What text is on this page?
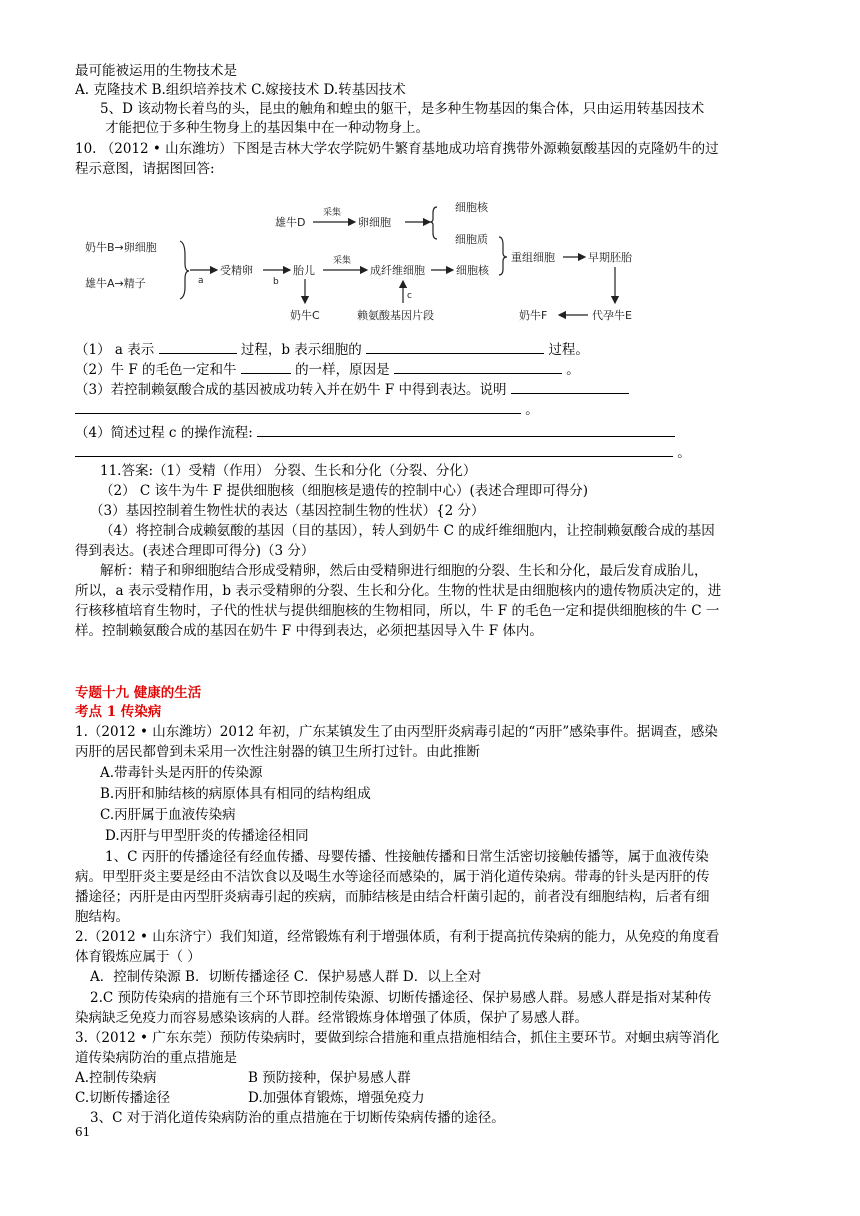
最可能被运用的生物技术是
A. 克隆技术 B.组织培养技术 C.嫁接技术 D.转基因技术
5、D 该动物长着鸟的头，昆虫的触角和蝗虫的躯干，是多种生物基因的集合体，只由运用转基因技术
才能把位于多种生物身上的基因集中在一种动物身上。
10. （2012 • 山东潍坊）下图是吉林大学农学院奶牛繁育基地成功培育携带外源赖氨酸基因的克隆奶牛的过
程示意图，请据图回答:
奶牛B→卵细胞
雄牛A→精子	a
受精卵
b
胎儿
奶牛C
采集
成纤维细胞	细胞核
c
赖氨酸基因片段
雄牛D
采集
卵细胞
细胞核
细胞质
重组细胞	早期胚胎
代孕牛E
奶牛F
（1） a 表示	过程，b 表示细胞的	过程。
（2）牛 F 的毛色一定和牛	的一样，原因是	。
（3）若控制赖氨酸合成的基因被成功转入并在奶牛 F 中得到表达。说明
。
（4）简述过程 c 的操作流程:
。
11.答案:（1）受精（作用） 分裂、生长和分化（分裂、分化）
（2） C 该牛为牛 F 提供细胞核（细胞核是遗传的控制中心）(表述合理即可得分)
（3）基因控制着生物性状的表达（基因控制生物的性状）{2 分）
（4）将控制合成赖氨酸的基因（目的基因），转人到奶牛 C 的成纤维细胞内，让控制赖氨酸合成的基因
得到表达。(表述合理即可得分)（3 分）
解析：精子和卵细胞结合形成受精卵，然后由受精卵进行细胞的分裂、生长和分化，最后发育成胎儿，
所以，a 表示受精作用，b 表示受精卵的分裂、生长和分化。生物的性状是由细胞核内的遗传物质决定的，进
行核移植培育生物时，子代的性状与提供细胞核的生物相同，所以，牛 F 的毛色一定和提供细胞核的牛 C 一
样。控制赖氨酸合成的基因在奶牛 F 中得到表达，必须把基因导入牛 F 体内。
专题十九 健康的生活
考点 1 传染病
1.（2012 • 山东潍坊）2012 年初，广东某镇发生了由丙型肝炎病毒引起的“丙肝”感染事件。据调查，感染
丙肝的居民都曾到未采用一次性注射器的镇卫生所打过针。由此推断
A.带毒针头是丙肝的传染源
B.丙肝和肺结核的病原体具有相同的结构组成
C.丙肝属于血液传染病
D.丙肝与甲型肝炎的传播途径相同
1、C 丙肝的传播途径有经血传播、母婴传播、性接触传播和日常生活密切接触传播等，属于血液传染
病。甲型肝炎主要是经由不洁饮食以及喝生水等途径而感染的，属于消化道传染病。带毒的针头是丙肝的传
播途径；丙肝是由丙型肝炎病毒引起的疾病，而肺结核是由结合杆菌引起的，前者没有细胞结构，后者有细
胞结构。
2.（2012 • 山东济宁）我们知道，经常锻炼有利于增强体质，有利于提高抗传染病的能力，从免疫的角度看
体育锻炼应属于（ ）
A．控制传染源 B．切断传播途径 C．保护易感人群 D．以上全对
2.C 预防传染病的措施有三个环节即控制传染源、切断传播途径、保护易感人群。易感人群是指对某种传
染病缺乏免疫力而容易感染该病的人群。经常锻炼身体增强了体质，保护了易感人群。
3.（2012 • 广东东莞）预防传染病时，要做到综合措施和重点措施相结合，抓住主要环节。对蛔虫病等消化
道传染病防治的重点措施是
A.控制传染病	B 预防接种，保护易感人群
C.切断传播途径	D.加强体育锻炼，增强免疫力
3、C 对于消化道传染病防治的重点措施在于切断传染病传播的途径。
61
